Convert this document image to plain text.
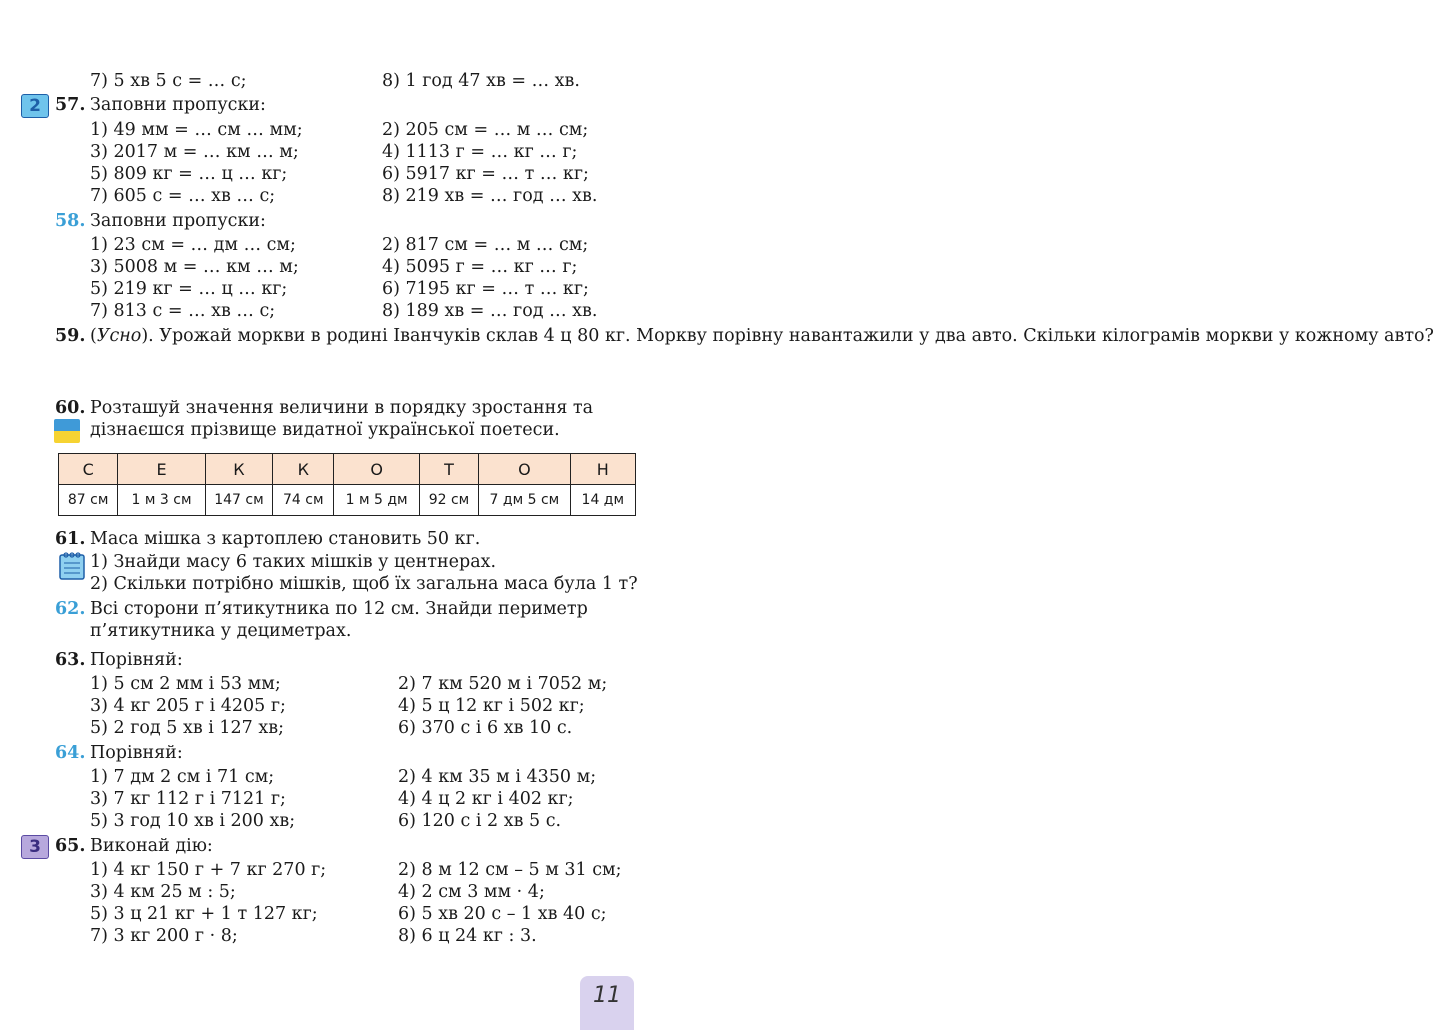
7) 5 хв 5 с = … с;	8) 1 год 47 хв = … хв.
2 57. Заповни пропуски:
1) 49 мм = … см … мм;	2) 205 см = … м … см;
3) 2017 м = … км … м;	4) 1113 г = … кг … г;
5) 809 кг = … ц … кг;	6) 5917 кг = … т … кг;
7) 605 с = … хв … с;	8) 219 хв = … год … хв.
58. Заповни пропуски:
1) 23 см = … дм … см;	2) 817 см = … м … см;
3) 5008 м = … км … м;	4) 5095 г = … кг … г;
5) 219 кг = … ц … кг;	6) 7195 кг = … т … кг;
7) 813 с = … хв … с;	8) 189 хв = … год … хв.
59. (Усно). Урожай моркви в родині Іванчуків склав 4 ц 80 кг. Моркву порівну навантажили у два авто. Скільки кілограмів моркви у кожному авто?
60. Розташуй значення величини в порядку зростання та
дізнаєшся прізвище видатної української поетеси.
С	Е	К	К	О	Т	О	Н
87 см	1 м 3 см	147 см	74 см	1 м 5 дм	92 см	7 дм 5 см	14 дм
61. Маса мішка з картоплею становить 50 кг.
1) Знайди масу 6 таких мішків у центнерах.
2) Скільки потрібно мішків, щоб їх загальна маса була 1 т?
62. Всі сторони п’ятикутника по 12 см. Знайди периметр
п’ятикутника у дециметрах.
63. Порівняй:
1) 5 см 2 мм і 53 мм;	2) 7 км 520 м і 7052 м;
3) 4 кг 205 г і 4205 г;	4) 5 ц 12 кг і 502 кг;
5) 2 год 5 хв і 127 хв;	6) 370 с і 6 хв 10 с.
64. Порівняй:
1) 7 дм 2 см і 71 см;	2) 4 км 35 м і 4350 м;
3) 7 кг 112 г і 7121 г;	4) 4 ц 2 кг і 402 кг;
5) 3 год 10 хв і 200 хв;	6) 120 с і 2 хв 5 с.
3 65. Виконай дію:
1) 4 кг 150 г + 7 кг 270 г;	2) 8 м 12 см – 5 м 31 см;
3) 4 км 25 м : 5;	4) 2 см 3 мм · 4;
5) 3 ц 21 кг + 1 т 127 кг;	6) 5 хв 20 с – 1 хв 40 с;
7) 3 кг 200 г · 8;	8) 6 ц 24 кг : 3.
11
